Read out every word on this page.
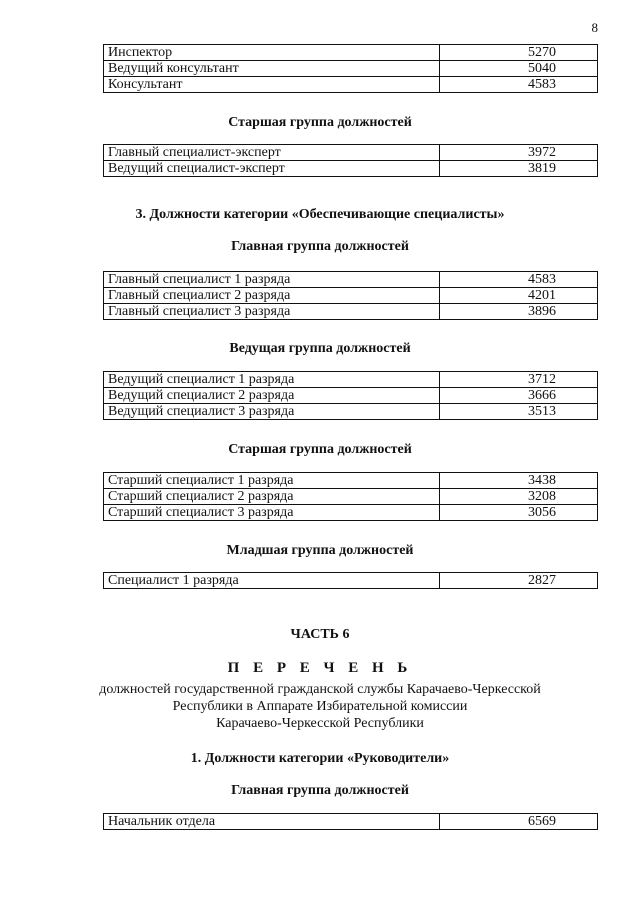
8
Инспектор	5270
Ведущий консультант	5040
Консультант	4583
Старшая группа должностей
Главный специалист-эксперт	3972
Ведущий специалист-эксперт	3819
3. Должности категории «Обеспечивающие специалисты»
Главная группа должностей
Главный специалист 1 разряда	4583
Главный специалист 2 разряда	4201
Главный специалист 3 разряда	3896
Ведущая группа должностей
Ведущий специалист 1 разряда	3712
Ведущий специалист 2 разряда	3666
Ведущий специалист 3 разряда	3513
Старшая группа должностей
Старший специалист 1 разряда	3438
Старший специалист 2 разряда	3208
Старший специалист 3 разряда	3056
Младшая группа должностей
Специалист 1 разряда	2827
ЧАСТЬ 6
П Е Р Е Ч Е Н Ь
должностей государственной гражданской службы Карачаево-Черкесской
Республики в Аппарате Избирательной комиссии
Карачаево-Черкесской Республики
1. Должности категории «Руководители»
Главная группа должностей
Начальник отдела	6569
